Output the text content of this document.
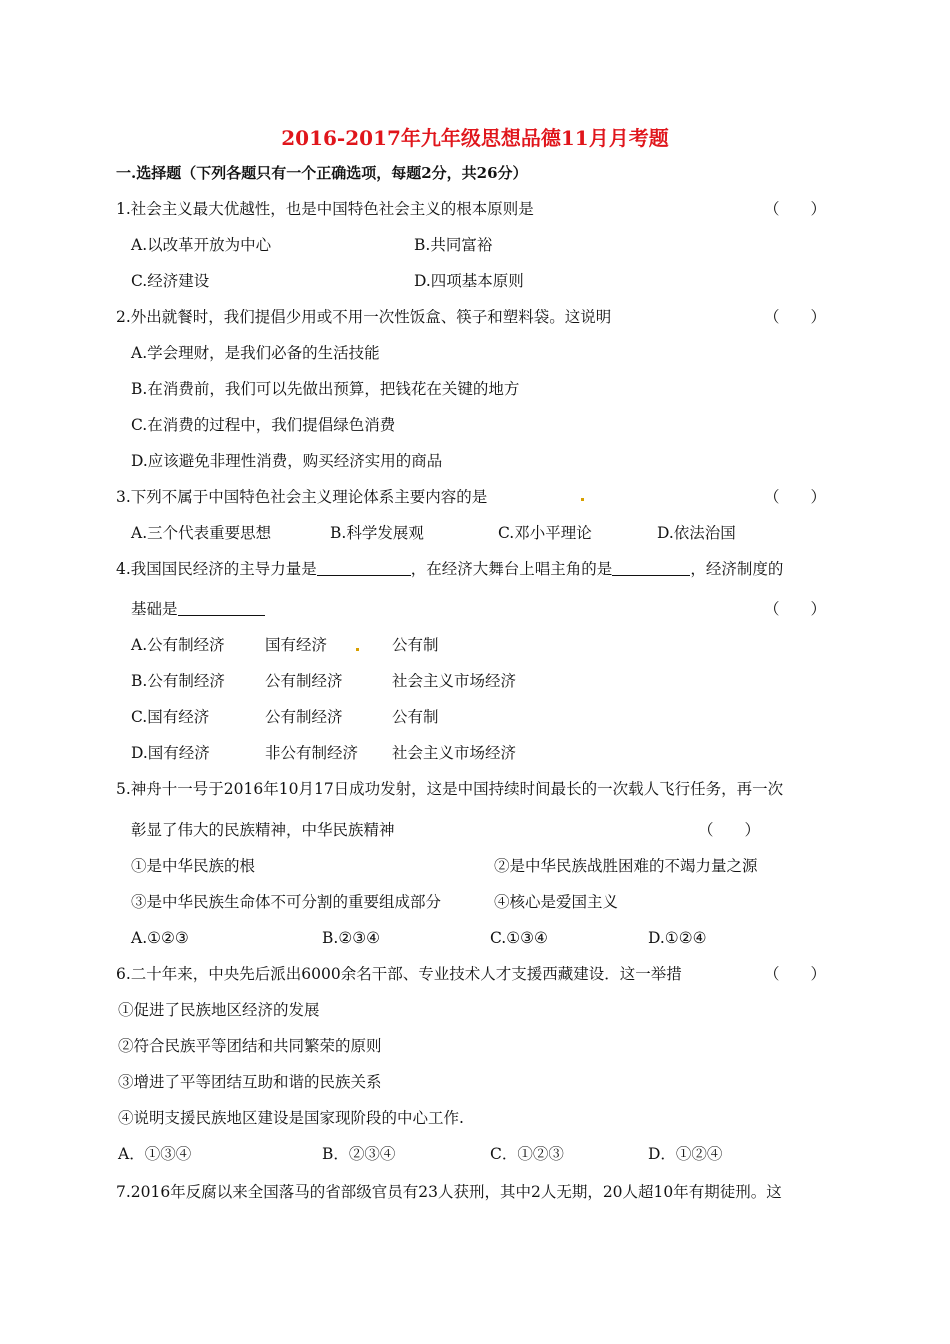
2016-2017年九年级思想品德11月月考题
一.选择题（下列各题只有一个正确选项，每题2分，共26分）
1.社会主义最大优越性，也是中国特色社会主义的根本原则是	（　　）
A.以改革开放为中心	B.共同富裕
C.经济建设	D.四项基本原则
2.外出就餐时，我们提倡少用或不用一次性饭盒、筷子和塑料袋。这说明	（　　）
A.学会理财，是我们必备的生活技能
B.在消费前，我们可以先做出预算，把钱花在关键的地方
C.在消费的过程中，我们提倡绿色消费
D.应该避免非理性消费，购买经济实用的商品
3.下列不属于中国特色社会主义理论体系主要内容的是	（　　）
A.三个代表重要思想	B.科学发展观	C.邓小平理论	D.依法治国
4.我国国民经济的主导力量是	，在经济大舞台上唱主角的是	，经济制度的
基础是	（　　）
A.公有制经济	国有经济	公有制
B.公有制经济	公有制经济	社会主义市场经济
C.国有经济	公有制经济	公有制
D.国有经济	非公有制经济 社会主义市场经济
5.神舟十一号于2016年10月17日成功发射，这是中国持续时间最长的一次载人飞行任务，再一次
彰显了伟大的民族精神，中华民族精神	（　　）
①是中华民族的根	②是中华民族战胜困难的不竭力量之源
③是中华民族生命体不可分割的重要组成部分	④核心是爱国主义
A.①②③	B.②③④	C.①③④	D.①②④
6.二十年来，中央先后派出6000余名干部、专业技术人才支援西藏建设．这一举措	（　　）
①促进了民族地区经济的发展
②符合民族平等团结和共同繁荣的原则
③增进了平等团结互助和谐的民族关系
④说明支援民族地区建设是国家现阶段的中心工作.
A．①③④	B．②③④	C．①②③	D．①②④
7.2016年反腐以来全国落马的省部级官员有23人获刑，其中2人无期，20人超10年有期徒刑。这
